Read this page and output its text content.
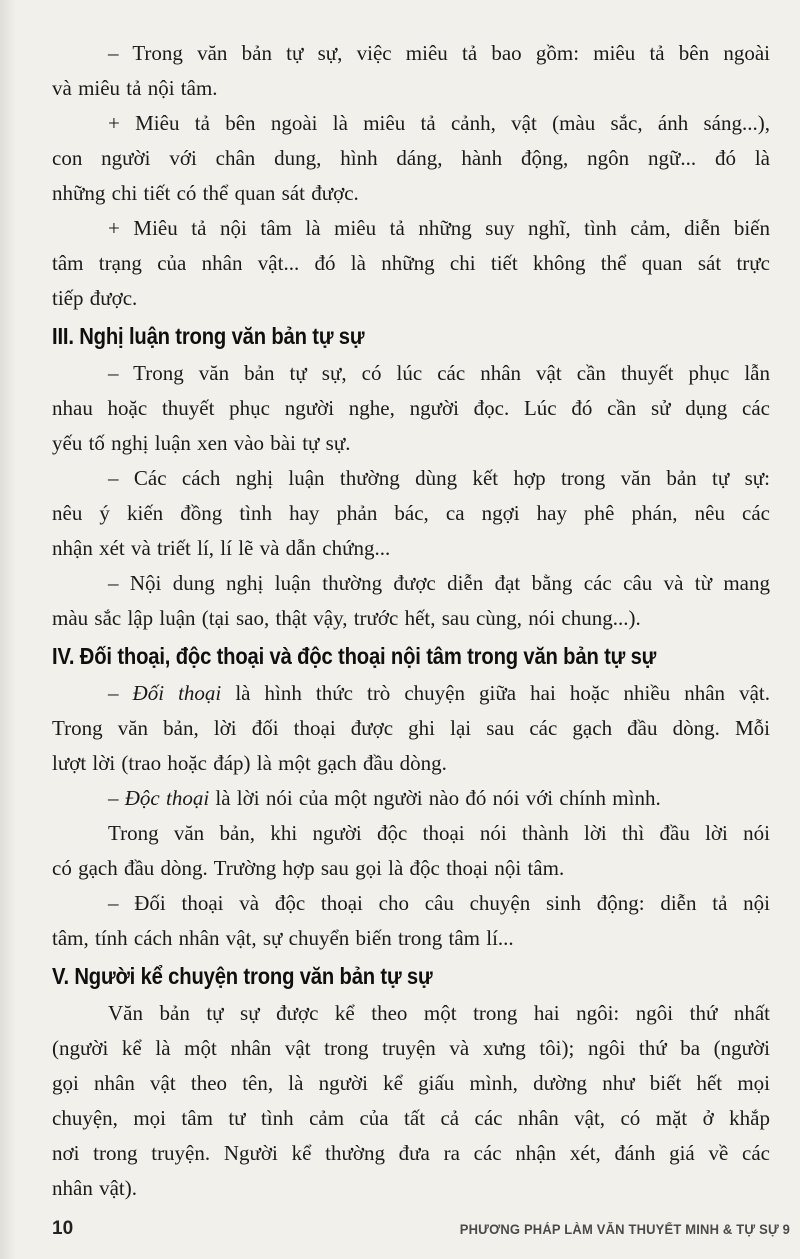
– Trong văn bản tự sự, việc miêu tả bao gồm: miêu tả bên ngoài
và miêu tả nội tâm.
+ Miêu tả bên ngoài là miêu tả cảnh, vật (màu sắc, ánh sáng...),
con người với chân dung, hình dáng, hành động, ngôn ngữ... đó là
những chi tiết có thể quan sát được.
+ Miêu tả nội tâm là miêu tả những suy nghĩ, tình cảm, diễn biến
tâm trạng của nhân vật... đó là những chi tiết không thể quan sát trực
tiếp được.
III. Nghị luận trong văn bản tự sự
– Trong văn bản tự sự, có lúc các nhân vật cần thuyết phục lẫn
nhau hoặc thuyết phục người nghe, người đọc. Lúc đó cần sử dụng các
yếu tố nghị luận xen vào bài tự sự.
– Các cách nghị luận thường dùng kết hợp trong văn bản tự sự:
nêu ý kiến đồng tình hay phản bác, ca ngợi hay phê phán, nêu các
nhận xét và triết lí, lí lẽ và dẫn chứng...
– Nội dung nghị luận thường được diễn đạt bằng các câu và từ mang
màu sắc lập luận (tại sao, thật vậy, trước hết, sau cùng, nói chung...).
IV. Đối thoại, độc thoại và độc thoại nội tâm trong văn bản tự sự
– Đối thoại là hình thức trò chuyện giữa hai hoặc nhiều nhân vật.
Trong văn bản, lời đối thoại được ghi lại sau các gạch đầu dòng. Mỗi
lượt lời (trao hoặc đáp) là một gạch đầu dòng.
– Độc thoại là lời nói của một người nào đó nói với chính mình.
Trong văn bản, khi người độc thoại nói thành lời thì đầu lời nói
có gạch đầu dòng. Trường hợp sau gọi là độc thoại nội tâm.
– Đối thoại và độc thoại cho câu chuyện sinh động: diễn tả nội
tâm, tính cách nhân vật, sự chuyển biến trong tâm lí...
V. Người kể chuyện trong văn bản tự sự
Văn bản tự sự được kể theo một trong hai ngôi: ngôi thứ nhất
(người kể là một nhân vật trong truyện và xưng tôi); ngôi thứ ba (người
gọi nhân vật theo tên, là người kể giấu mình, dường như biết hết mọi
chuyện, mọi tâm tư tình cảm của tất cả các nhân vật, có mặt ở khắp
nơi trong truyện. Người kể thường đưa ra các nhận xét, đánh giá về các
nhân vật).
10	PHƯƠNG PHÁP LÀM VĂN THUYẾT MINH & TỰ SỰ 9
